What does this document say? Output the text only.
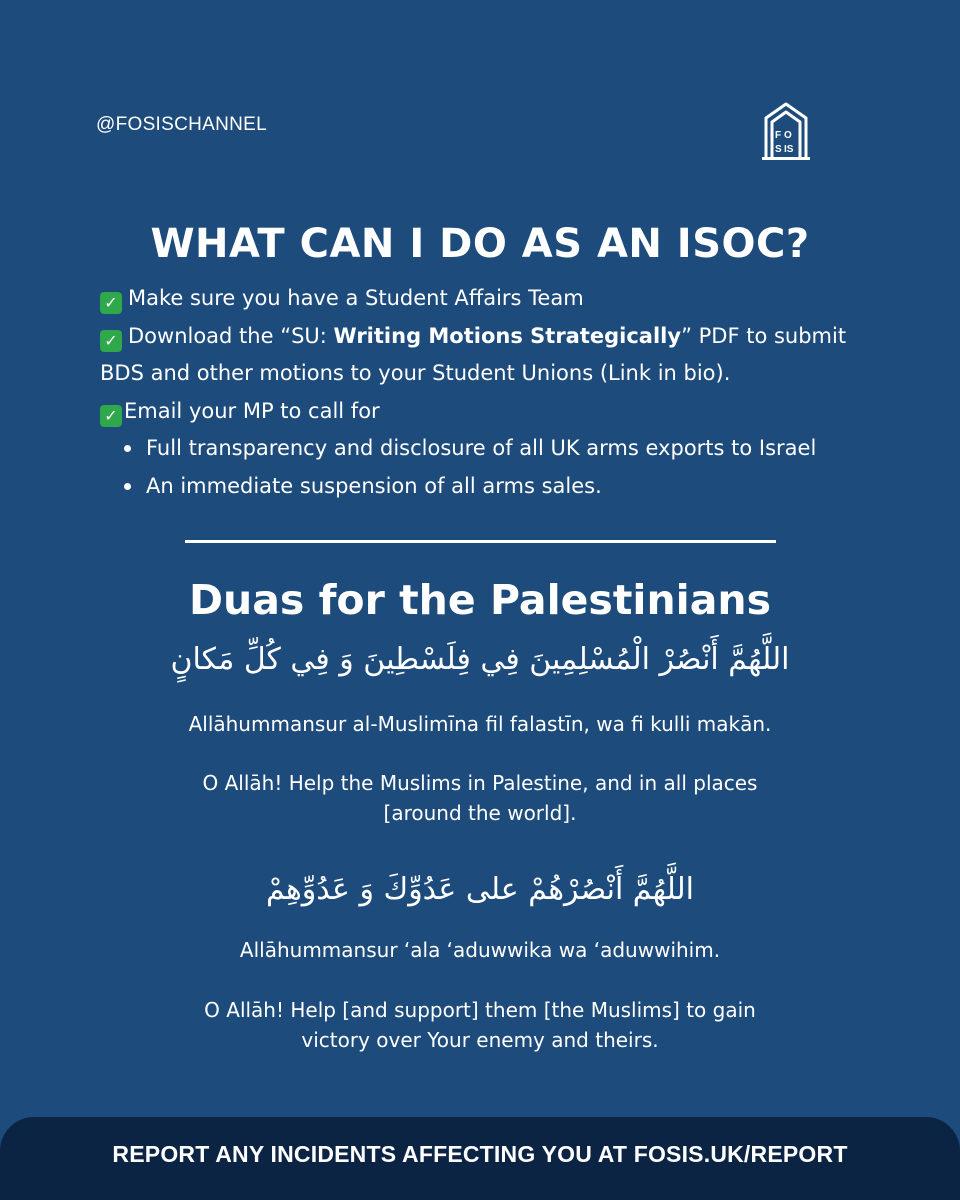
@FOSISCHANNEL
F O
S IS
WHAT CAN I DO AS AN ISOC?

✓ Make sure you have a Student Affairs Team

✓ Download the “SU: Writing Motions Strategically” PDF to submit BDS and other motions to your Student Unions (Link in bio).

✓ Email your MP to call for

Full transparency and disclosure of all UK arms exports to Israel
An immediate suspension of all arms sales.
Duas for the Palestinians
اللَّهُمَّ أَنْصُرْ الْمُسْلِمِينَ فِي فِلَسْطِينَ وَ فِي كُلِّ مَكانٍ
Allāhummansur al-Muslimīna fil falastīn, wa fi kulli makān.
O Allāh! Help the Muslims in Palestine, and in all places [around the world].
اللَّهُمَّ أَنْصُرْهُمْ على عَدُوِّكَ وَ عَدُوِّهِمْ
Allāhummansur ‘ala ‘aduwwika wa ‘aduwwihim.
O Allāh! Help [and support] them [the Muslims] to gain victory over Your enemy and theirs.
REPORT ANY INCIDENTS AFFECTING YOU AT FOSIS.UK/REPORT
